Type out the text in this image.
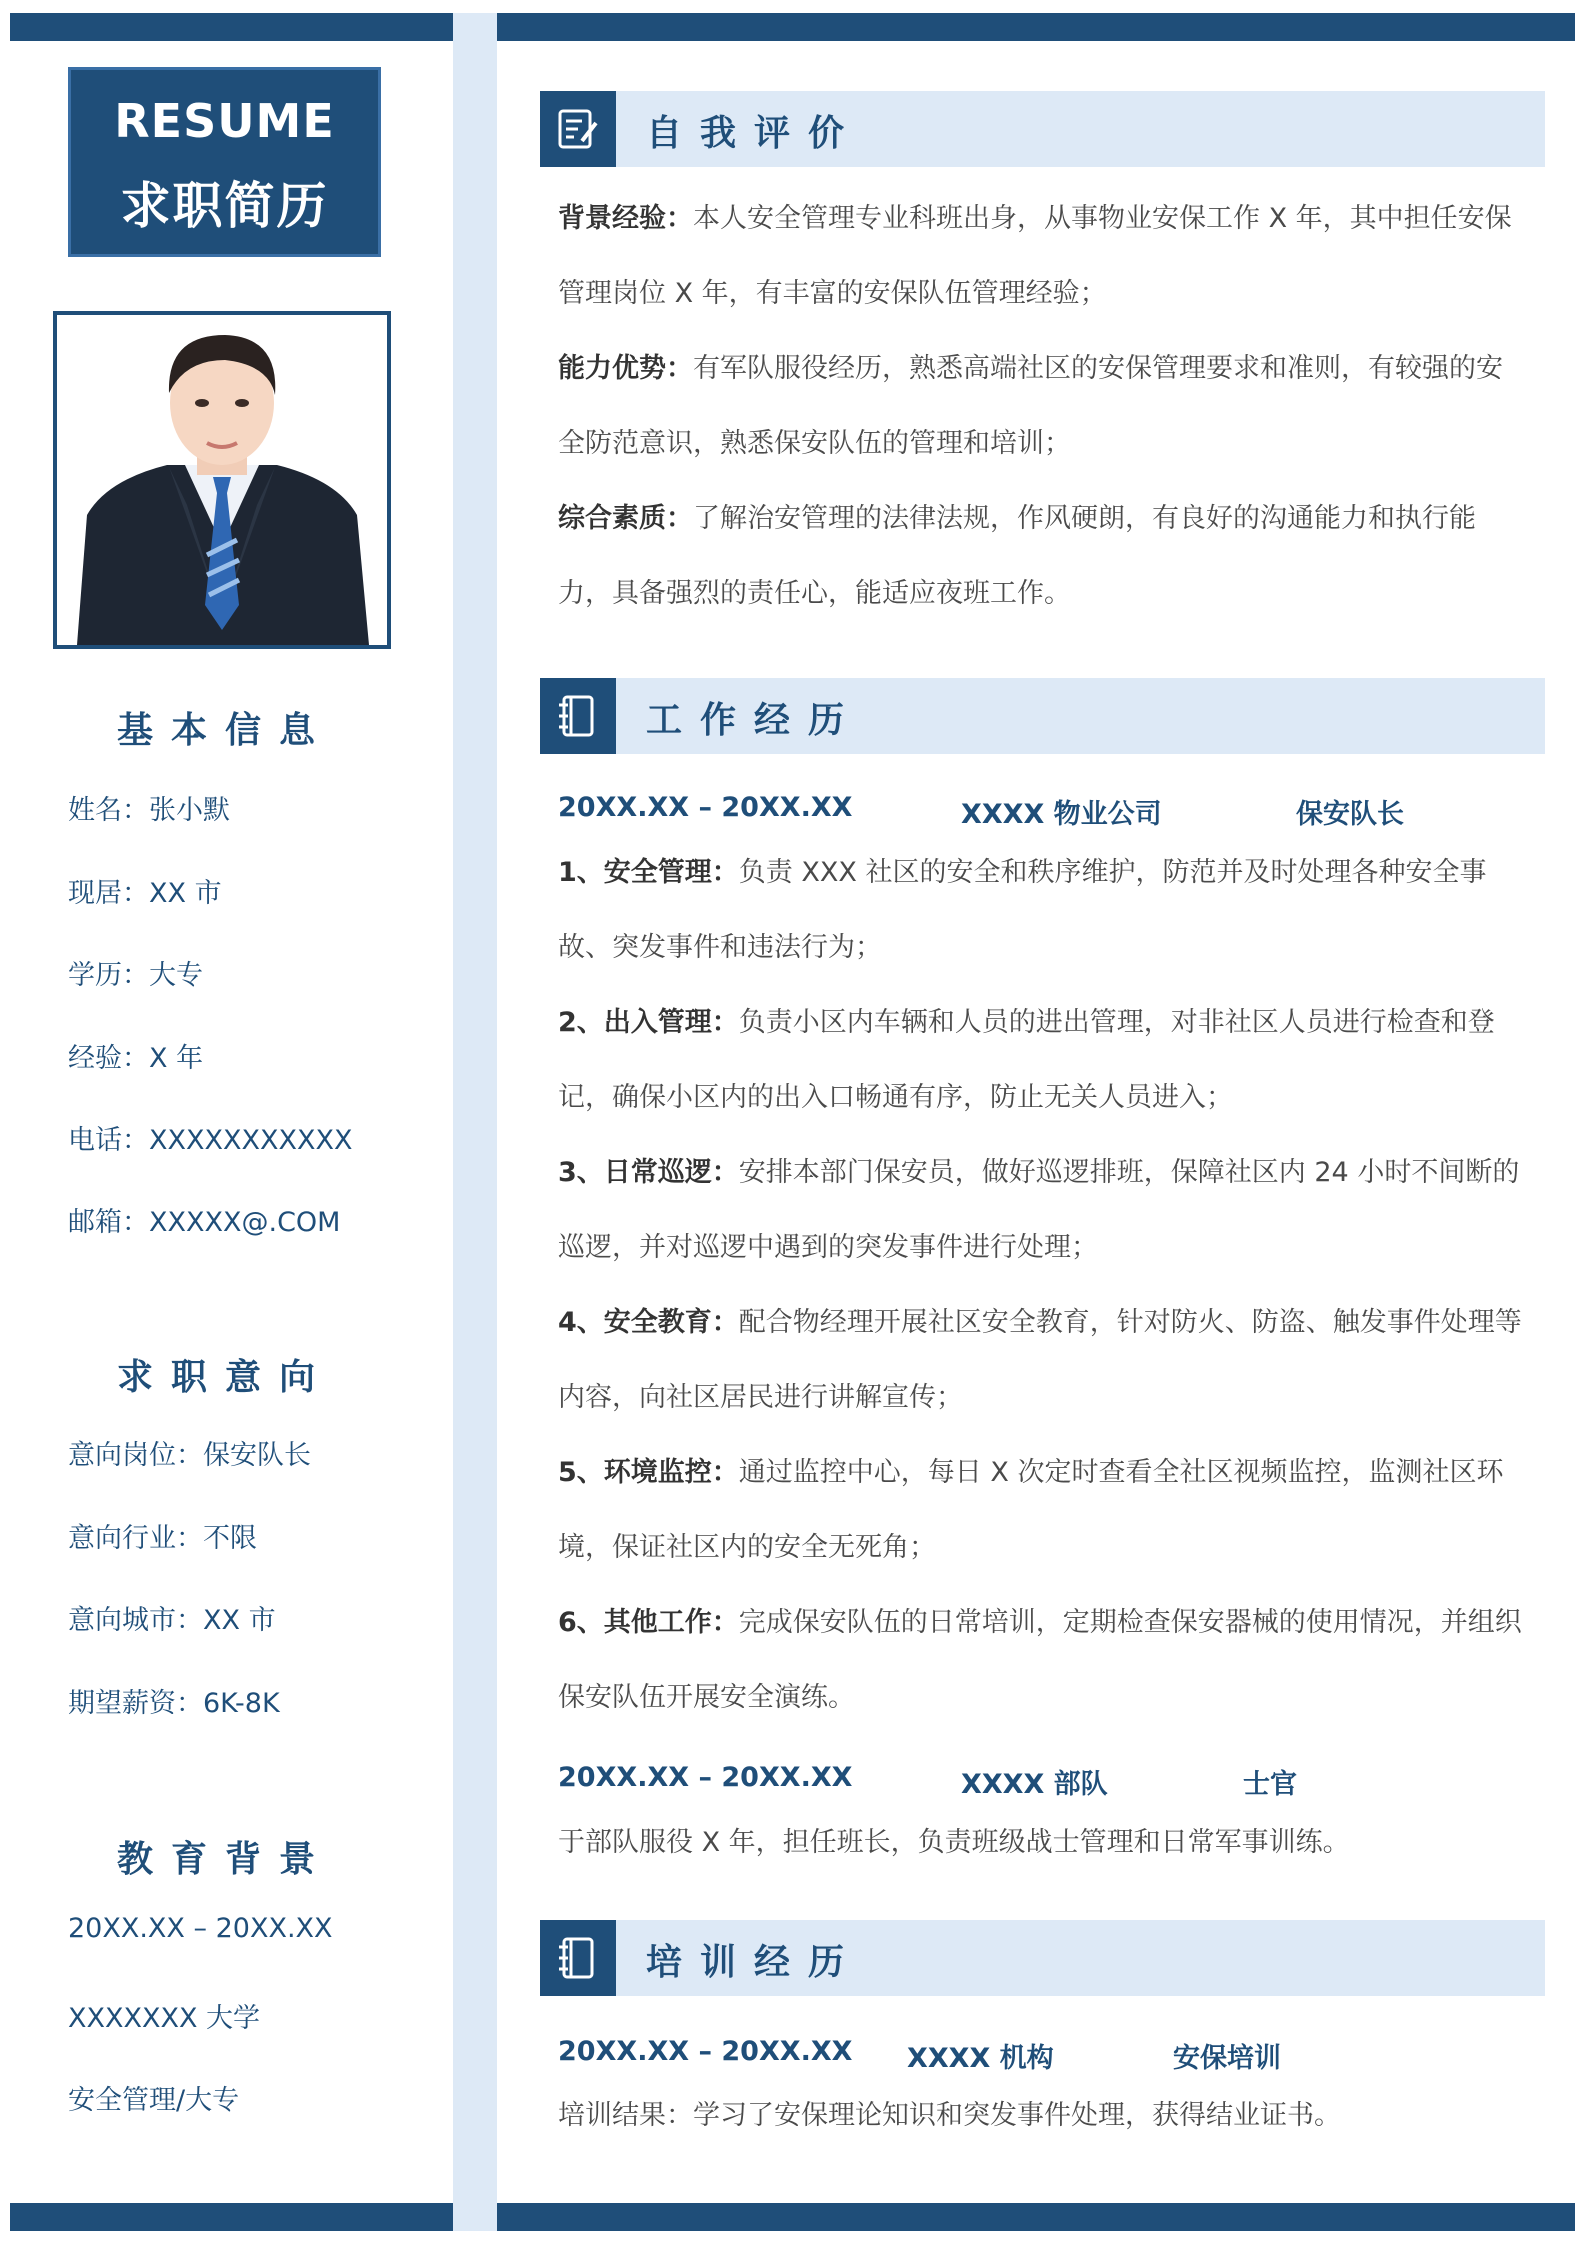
RESUME
求职简历
基本信息
姓名：张小默
现居：XX 市
学历：大专
经验：X 年
电话：XXXXXXXXXXX
邮箱：XXXXX@.COM
求职意向
意向岗位：保安队长
意向行业：不限
意向城市：XX 市
期望薪资：6K-8K
教育背景
20XX.XX – 20XX.XX
XXXXXXX 大学
安全管理/大专
自我评价
背景经验：本人安全管理专业科班出身，从事物业安保工作 X 年，其中担任安保管理岗位 X 年，有丰富的安保队伍管理经验；
能力优势：有军队服役经历，熟悉高端社区的安保管理要求和准则，有较强的安全防范意识，熟悉保安队伍的管理和培训；
综合素质：了解治安管理的法律法规，作风硬朗，有良好的沟通能力和执行能力，具备强烈的责任心，能适应夜班工作。
工作经历
20XX.XX – 20XX.XX	XXXX 物业公司	保安队长
1、安全管理：负责 XXX 社区的安全和秩序维护，防范并及时处理各种安全事故、突发事件和违法行为；
2、出入管理：负责小区内车辆和人员的进出管理，对非社区人员进行检查和登记，确保小区内的出入口畅通有序，防止无关人员进入；
3、日常巡逻：安排本部门保安员，做好巡逻排班，保障社区内 24 小时不间断的巡逻，并对巡逻中遇到的突发事件进行处理；
4、安全教育：配合物经理开展社区安全教育，针对防火、防盗、触发事件处理等内容，向社区居民进行讲解宣传；
5、环境监控：通过监控中心，每日 X 次定时查看全社区视频监控，监测社区环境，保证社区内的安全无死角；
6、其他工作：完成保安队伍的日常培训，定期检查保安器械的使用情况，并组织保安队伍开展安全演练。
20XX.XX – 20XX.XX	XXXX 部队	士官
于部队服役 X 年，担任班长，负责班级战士管理和日常军事训练。
培训经历
20XX.XX – 20XX.XX XXXX 机构	安保培训
培训结果：学习了安保理论知识和突发事件处理，获得结业证书。
